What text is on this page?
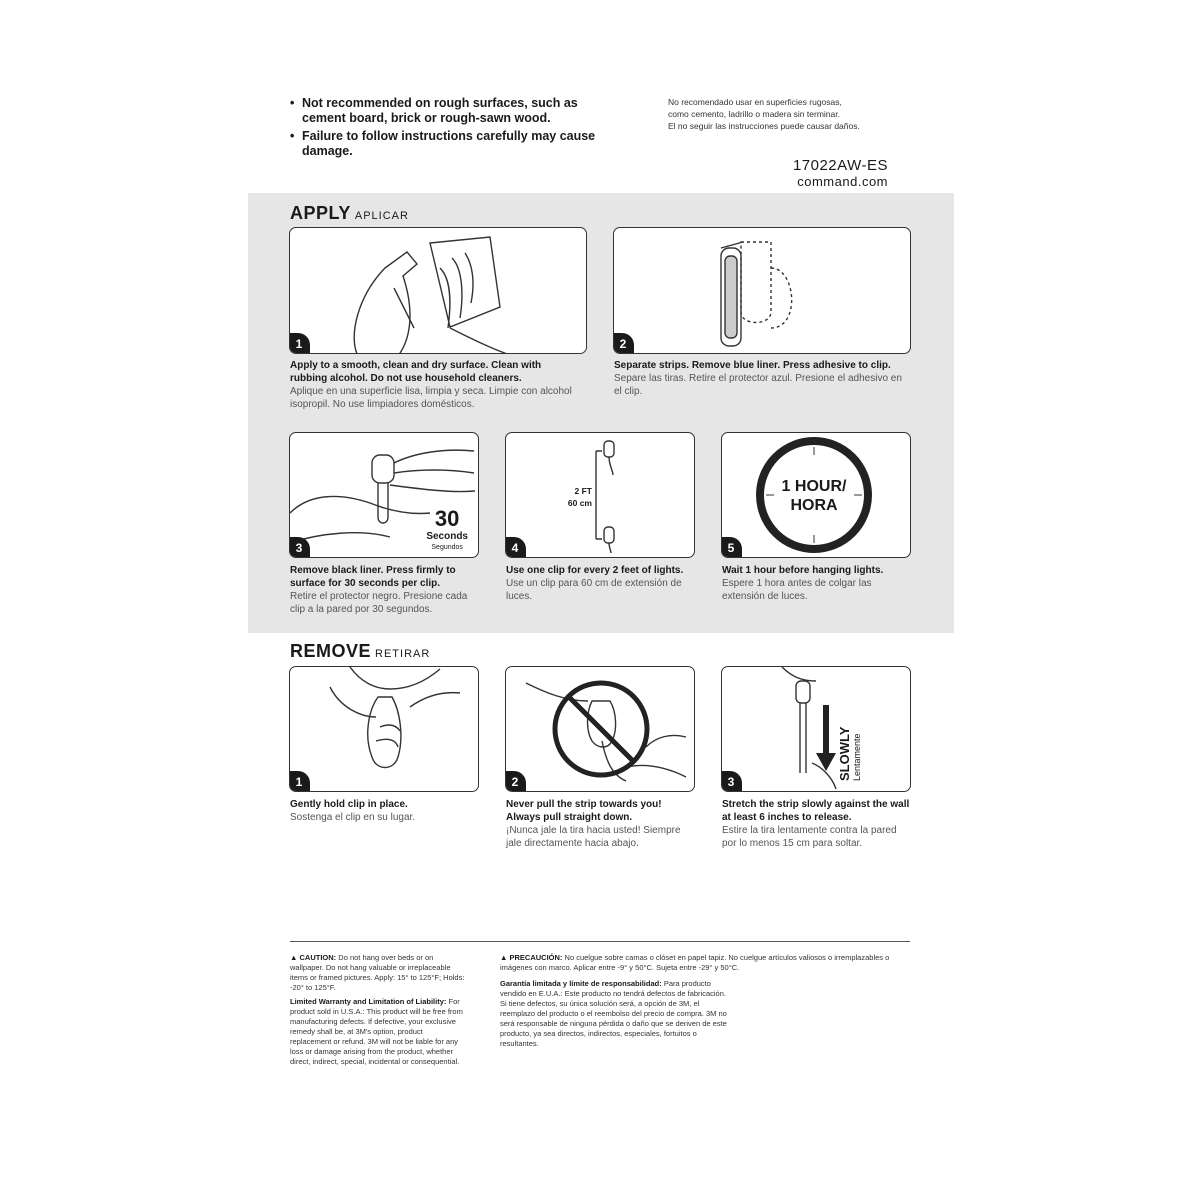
• Not recommended on rough surfaces, such as cement board, brick or rough-sawn wood.
• Failure to follow instructions carefully may cause damage.
No recomendado usar en superficies rugosas,
como cemento, ladrillo o madera sin terminar.
El no seguir las instrucciones puede causar daños.
17022AW-ES
command.com
APPLY APLICAR
1
Apply to a smooth, clean and dry surface. Clean with rubbing alcohol. Do not use household cleaners.
Aplique en una superficie lisa, limpia y seca. Limpie con alcohol isopropil. No use limpiadores domésticos.
2
Separate strips. Remove blue liner. Press adhesive to clip.
Separe las tiras. Retire el protector azul. Presione el adhesivo en el clip.
30
Seconds
Segundos
3
Remove black liner. Press firmly to surface for 30 seconds per clip.
Retire el protector negro. Presione cada clip a la pared por 30 segundos.
2 FT
60 cm
4
Use one clip for every 2 feet of lights.
Use un clip para 60 cm de extensión de luces.
1 HOUR/
HORA
5
Wait 1 hour before hanging lights.
Espere 1 hora antes de colgar las extensión de luces.
REMOVE RETIRAR
1
Gently hold clip in place.
Sostenga el clip en su lugar.
2
Never pull the strip towards you! Always pull straight down.
¡Nunca jale la tira hacia usted! Siempre jale directamente hacia abajo.
SLOWLY Lentamente
3
Stretch the strip slowly against the wall at least 6 inches to release.
Estire la tira lentamente contra la pared por lo menos 15 cm para soltar.
▲ CAUTION: Do not hang over beds or on wallpaper. Do not hang valuable or irreplaceable items or framed pictures. Apply: 15° to 125°F; Holds: -20° to 125°F.
Limited Warranty and Limitation of Liability: For product sold in U.S.A.: This product will be free from manufacturing defects. If defective, your exclusive remedy shall be, at 3M's option, product replacement or refund. 3M will not be liable for any loss or damage arising from the product, whether direct, indirect, special, incidental or consequential.
▲ PRECAUCIÓN: No cuelgue sobre camas o clóset en papel tapiz. No cuelgue artículos valiosos o irremplazables o imágenes con marco. Aplicar entre -9° y 50°C. Sujeta entre -29° y 50°C.
Garantía limitada y límite de responsabilidad: Para producto vendido en E.U.A.: Este producto no tendrá defectos de fabricación. Si tiene defectos, su única solución será, a opción de 3M, el reemplazo del producto o el reembolso del precio de compra. 3M no será responsable de ninguna pérdida o daño que se deriven de este producto, ya sea directos, indirectos, especiales, fortuitos o resultantes.
